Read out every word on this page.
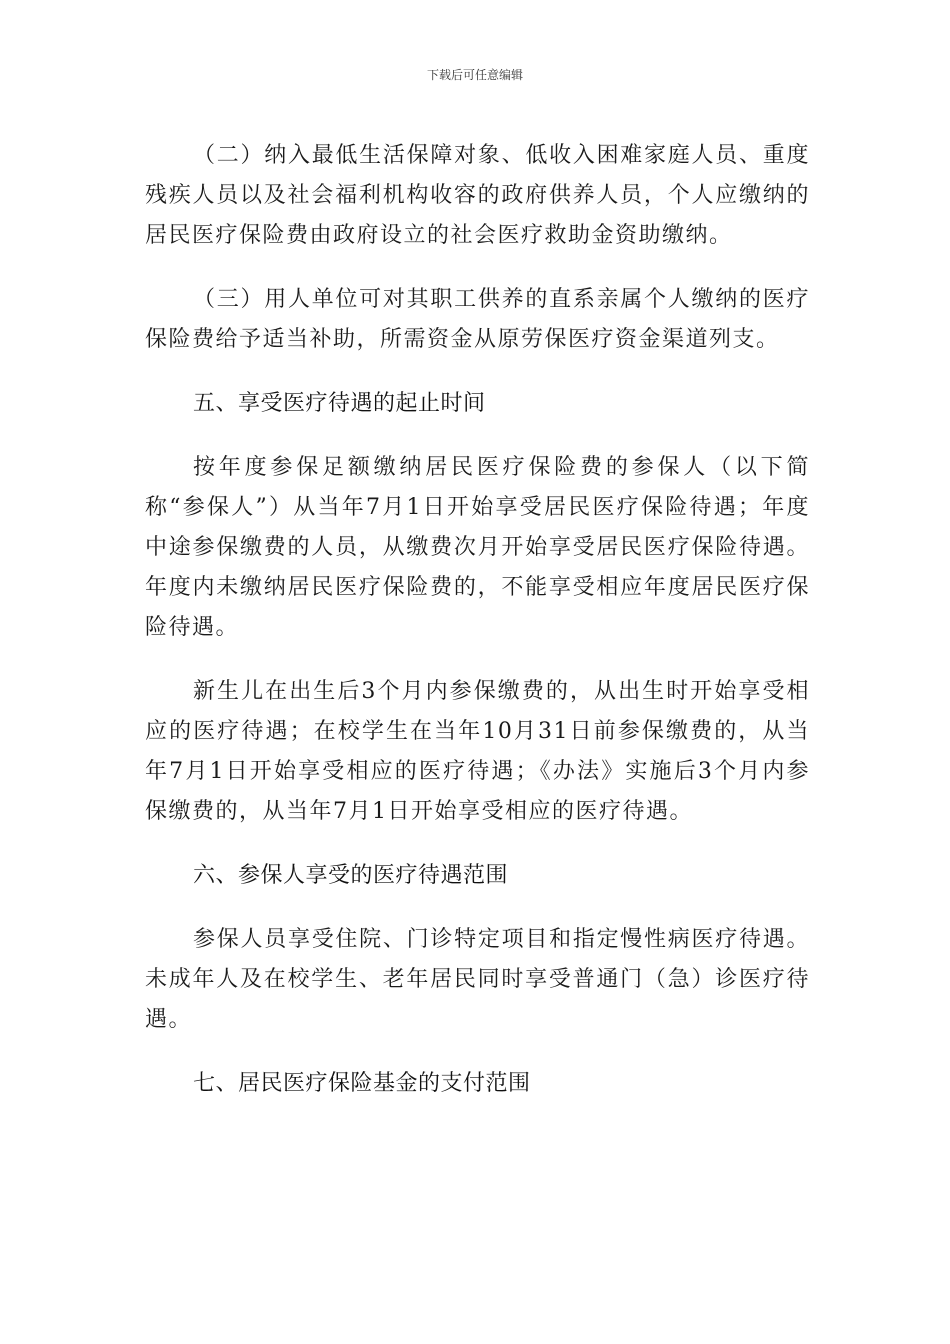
下载后可任意编辑

（二）纳入最低生活保障对象、低收入困难家庭人员、重度残疾人员以及社会福利机构收容的政府供养人员，个人应缴纳的居民医疗保险费由政府设立的社会医疗救助金资助缴纳。

（三）用人单位可对其职工供养的直系亲属个人缴纳的医疗保险费给予适当补助，所需资金从原劳保医疗资金渠道列支。

五、享受医疗待遇的起止时间

按年度参保足额缴纳居民医疗保险费的参保人（以下简称“参保人”）从当年7月1日开始享受居民医疗保险待遇；年度中途参保缴费的人员，从缴费次月开始享受居民医疗保险待遇。年度内未缴纳居民医疗保险费的，不能享受相应年度居民医疗保险待遇。

新生儿在出生后3个月内参保缴费的，从出生时开始享受相应的医疗待遇；在校学生在当年10月31日前参保缴费的，从当年7月1日开始享受相应的医疗待遇；《办法》实施后3个月内参保缴费的，从当年7月1日开始享受相应的医疗待遇。

六、参保人享受的医疗待遇范围

参保人员享受住院、门诊特定项目和指定慢性病医疗待遇。未成年人及在校学生、老年居民同时享受普通门（急）诊医疗待遇。

七、居民医疗保险基金的支付范围
